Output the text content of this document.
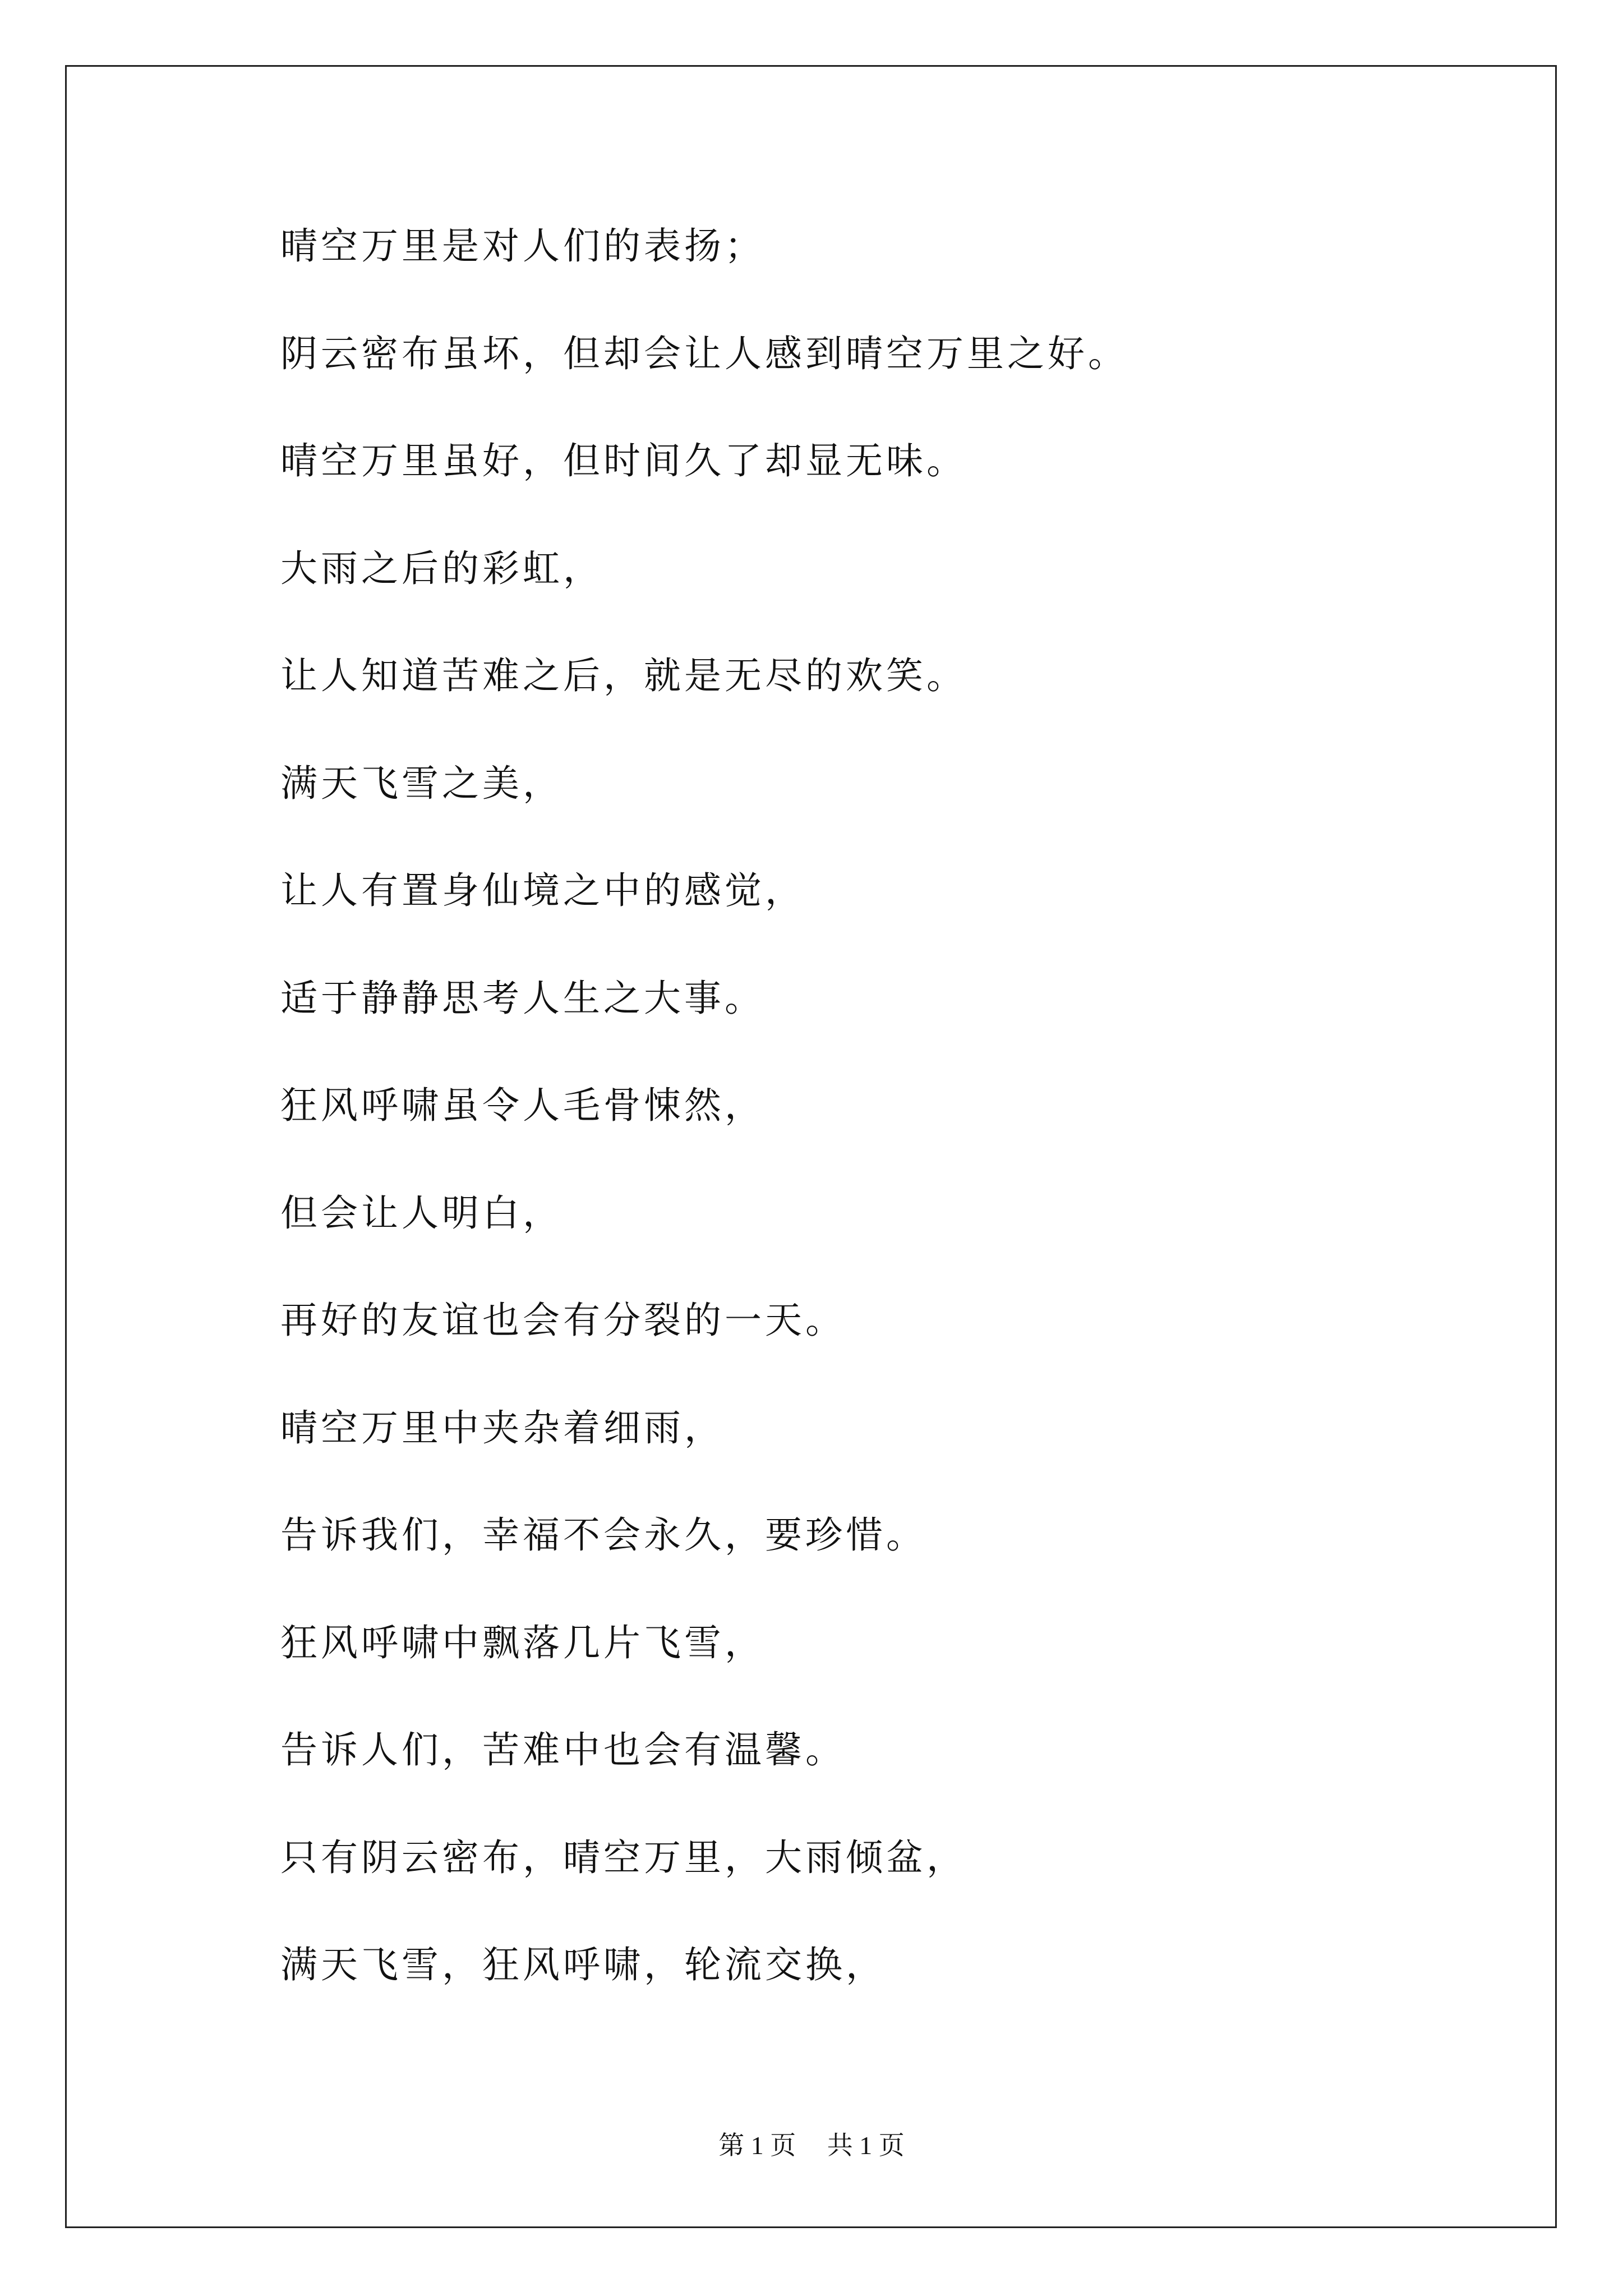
晴空万里是对人们的表扬；
阴云密布虽坏，但却会让人感到晴空万里之好。
晴空万里虽好，但时间久了却显无味。
大雨之后的彩虹，
让人知道苦难之后，就是无尽的欢笑。
满天飞雪之美，
让人有置身仙境之中的感觉，
适于静静思考人生之大事。
狂风呼啸虽令人毛骨悚然，
但会让人明白，
再好的友谊也会有分裂的一天。
晴空万里中夹杂着细雨，
告诉我们，幸福不会永久，要珍惜。
狂风呼啸中飘落几片飞雪，
告诉人们，苦难中也会有温馨。
只有阴云密布，晴空万里，大雨倾盆，
满天飞雪，狂风呼啸，轮流交换，
第 1 页 共 1 页
